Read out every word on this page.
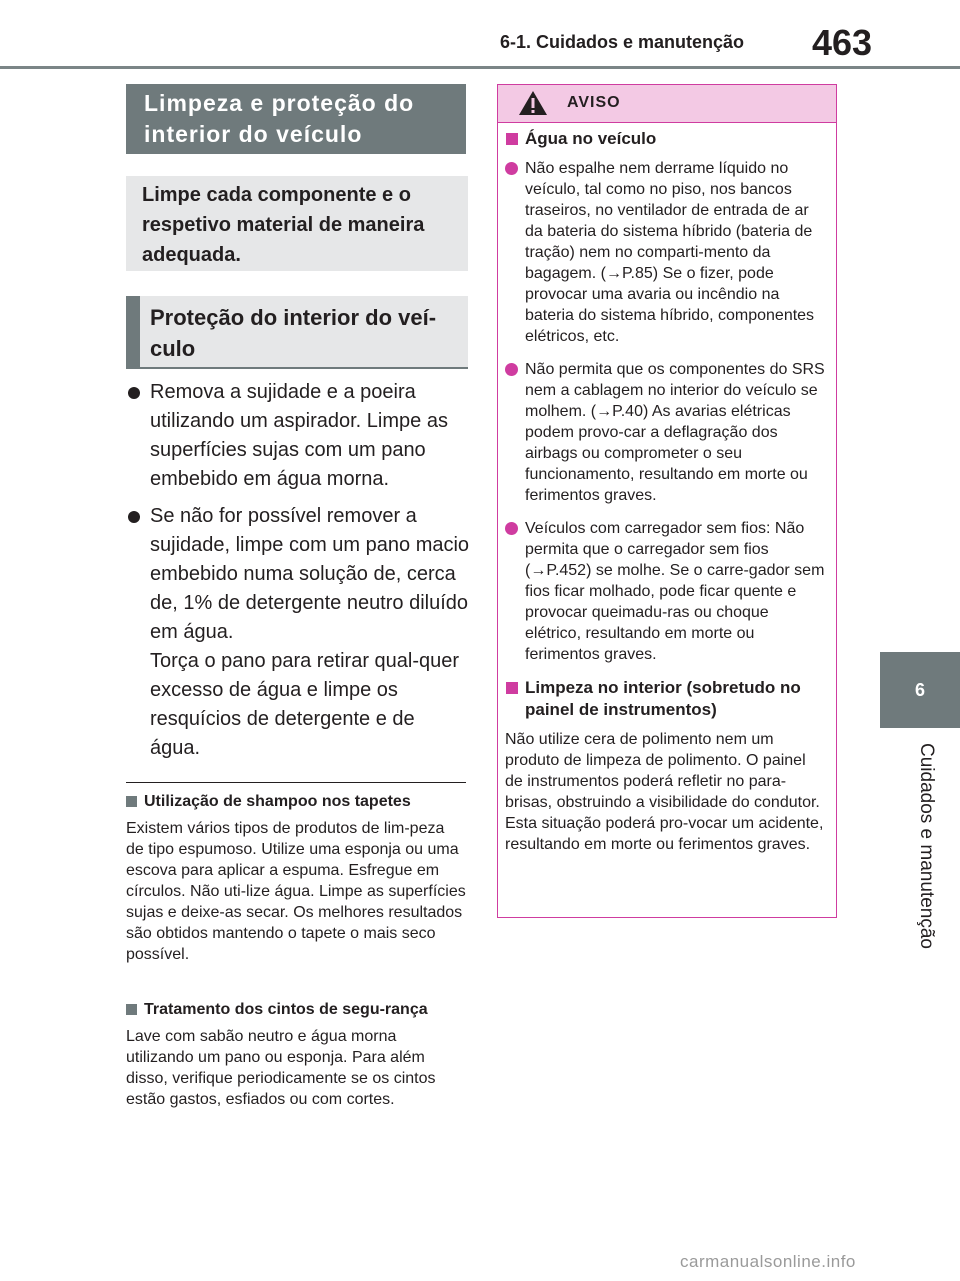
6-1. Cuidados e manutenção 463
6
Cuidados e manutenção
Limpeza e proteção do interior do veículo
Limpe cada componente e o respetivo material de maneira adequada.
Proteção do interior do veí-culo
Remova a sujidade e a poeira utilizando um aspirador. Limpe as superfícies sujas com um pano embebido em água morna.
Se não for possível remover a sujidade, limpe com um pano macio embebido numa solução de, cerca de, 1% de detergente neutro diluído em água.
Torça o pano para retirar qual-quer excesso de água e limpe os resquícios de detergente e de água.
Utilização de shampoo nos tapetes
Existem vários tipos de produtos de lim-peza de tipo espumoso. Utilize uma esponja ou uma escova para aplicar a espuma. Esfregue em círculos. Não uti-lize água. Limpe as superfícies sujas e deixe-as secar. Os melhores resultados são obtidos mantendo o tapete o mais seco possível.
Tratamento dos cintos de segu-rança
Lave com sabão neutro e água morna utilizando um pano ou esponja. Para além disso, verifique periodicamente se os cintos estão gastos, esfiados ou com cortes.
AVISO
Água no veículo
Não espalhe nem derrame líquido no veículo, tal como no piso, nos bancos traseiros, no ventilador de entrada de ar da bateria do sistema híbrido (bateria de tração) nem no comparti-mento da bagagem. (→P.85) Se o fizer, pode provocar uma avaria ou incêndio na bateria do sistema híbrido, componentes elétricos, etc.
Não permita que os componentes do SRS nem a cablagem no interior do veículo se molhem. (→P.40) As avarias elétricas podem provo-car a deflagração dos airbags ou comprometer o seu funcionamento, resultando em morte ou ferimentos graves.
Veículos com carregador sem fios: Não permita que o carregador sem fios (→P.452) se molhe. Se o carre-gador sem fios ficar molhado, pode ficar quente e provocar queimadu-ras ou choque elétrico, resultando em morte ou ferimentos graves.
Limpeza no interior (sobretudo no painel de instrumentos)
Não utilize cera de polimento nem um produto de limpeza de polimento. O painel de instrumentos poderá refletir no para-brisas, obstruindo a visibilidade do condutor. Esta situação poderá pro-vocar um acidente, resultando em morte ou ferimentos graves.
carmanualsonline.info
